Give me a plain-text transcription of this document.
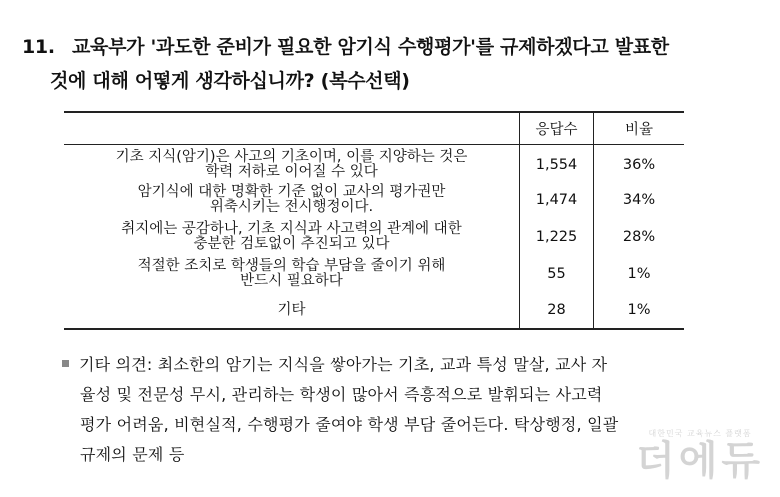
11. 교육부가 '과도한 준비가 필요한 암기식 수행평가'를 규제하겠다고 발표한
것에 대해 어떻게 생각하십니까? (복수선택)
	응답수	비율

기초 지식(암기)은 사고의 기초이며, 이를 지양하는 것은
학력 저하로 이어질 수 있다	1,554	36%

암기식에 대한 명확한 기준 없이 교사의 평가권만
위축시키는 전시행정이다.	1,474	34%

취지에는 공감하나, 기초 지식과 사고력의 관계에 대한
충분한 검토없이 추진되고 있다	1,225	28%

적절한 조치로 학생들의 학습 부담을 줄이기 위해
반드시 필요하다	55	1%
기타	28	1%
기타 의견: 최소한의 암기는 지식을 쌓아가는 기초, 교과 특성 말살, 교사 자
율성 및 전문성 무시, 관리하는 학생이 많아서 즉흥적으로 발휘되는 사고력
평가 어려움, 비현실적, 수행평가 줄여야 학생 부담 줄어든다. 탁상행정, 일괄
규제의 문제 등
대한민국 교육뉴스 플랫폼
더에듀
